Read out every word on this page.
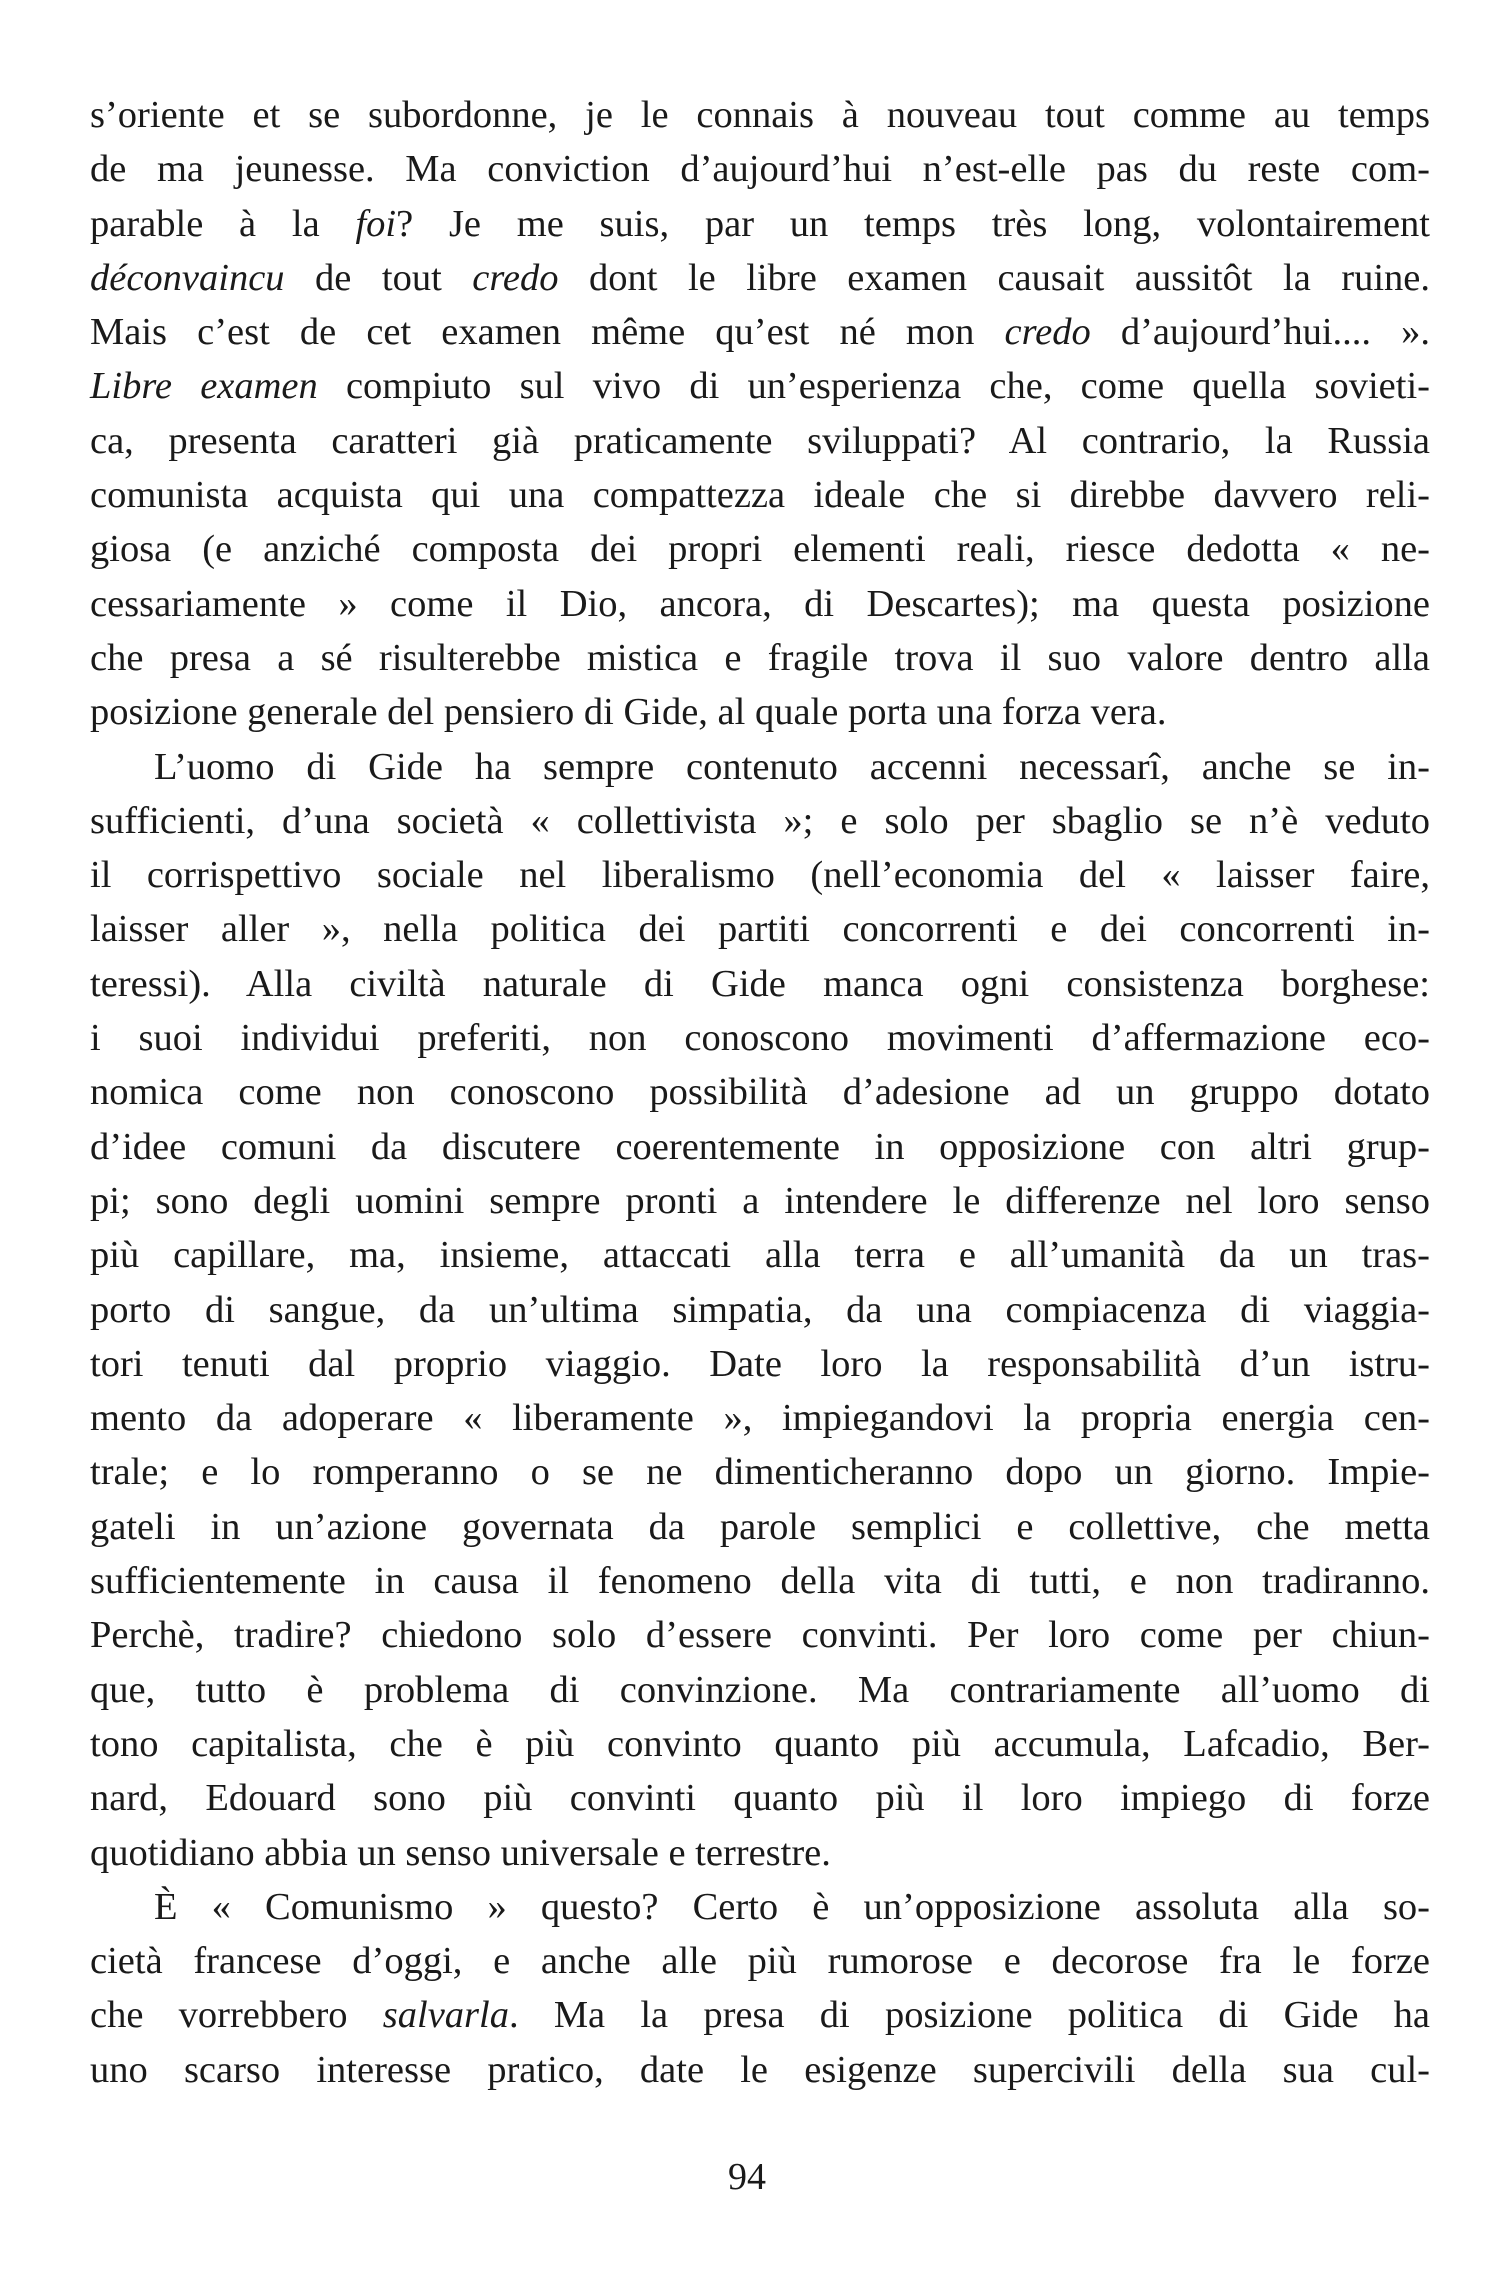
s’oriente et se subordonne, je le connais à nouveau tout comme au temps
de ma jeunesse. Ma conviction d’aujourd’hui n’est-elle pas du reste com-
parable à la foi? Je me suis, par un temps très long, volontairement
déconvaincu de tout credo dont le libre examen causait aussitôt la ruine.
Mais c’est de cet examen même qu’est né mon credo d’aujourd’hui.... ».
Libre examen compiuto sul vivo di un’esperienza che, come quella sovieti-
ca, presenta caratteri già praticamente sviluppati? Al contrario, la Russia
comunista acquista qui una compattezza ideale che si direbbe davvero reli-
giosa (e anziché composta dei propri elementi reali, riesce dedotta « ne-
cessariamente » come il Dio, ancora, di Descartes); ma questa posizione
che presa a sé risulterebbe mistica e fragile trova il suo valore dentro alla
posizione generale del pensiero di Gide, al quale porta una forza vera.
L’uomo di Gide ha sempre contenuto accenni necessarî, anche se in-
sufficienti, d’una società « collettivista »; e solo per sbaglio se n’è veduto
il corrispettivo sociale nel liberalismo (nell’economia del « laisser faire,
laisser aller », nella politica dei partiti concorrenti e dei concorrenti in-
teressi). Alla civiltà naturale di Gide manca ogni consistenza borghese:
i suoi individui preferiti, non conoscono movimenti d’affermazione eco-
nomica come non conoscono possibilità d’adesione ad un gruppo dotato
d’idee comuni da discutere coerentemente in opposizione con altri grup-
pi; sono degli uomini sempre pronti a intendere le differenze nel loro senso
più capillare, ma, insieme, attaccati alla terra e all’umanità da un tras-
porto di sangue, da un’ultima simpatia, da una compiacenza di viaggia-
tori tenuti dal proprio viaggio. Date loro la responsabilità d’un istru-
mento da adoperare « liberamente », impiegandovi la propria energia cen-
trale; e lo romperanno o se ne dimenticheranno dopo un giorno. Impie-
gateli in un’azione governata da parole semplici e collettive, che metta
sufficientemente in causa il fenomeno della vita di tutti, e non tradiranno.
Perchè, tradire? chiedono solo d’essere convinti. Per loro come per chiun-
que, tutto è problema di convinzione. Ma contrariamente all’uomo di
tono capitalista, che è più convinto quanto più accumula, Lafcadio, Ber-
nard, Edouard sono più convinti quanto più il loro impiego di forze
quotidiano abbia un senso universale e terrestre.
È « Comunismo » questo? Certo è un’opposizione assoluta alla so-
cietà francese d’oggi, e anche alle più rumorose e decorose fra le forze
che vorrebbero salvarla. Ma la presa di posizione politica di Gide ha
uno scarso interesse pratico, date le esigenze supercivili della sua cul-
94
